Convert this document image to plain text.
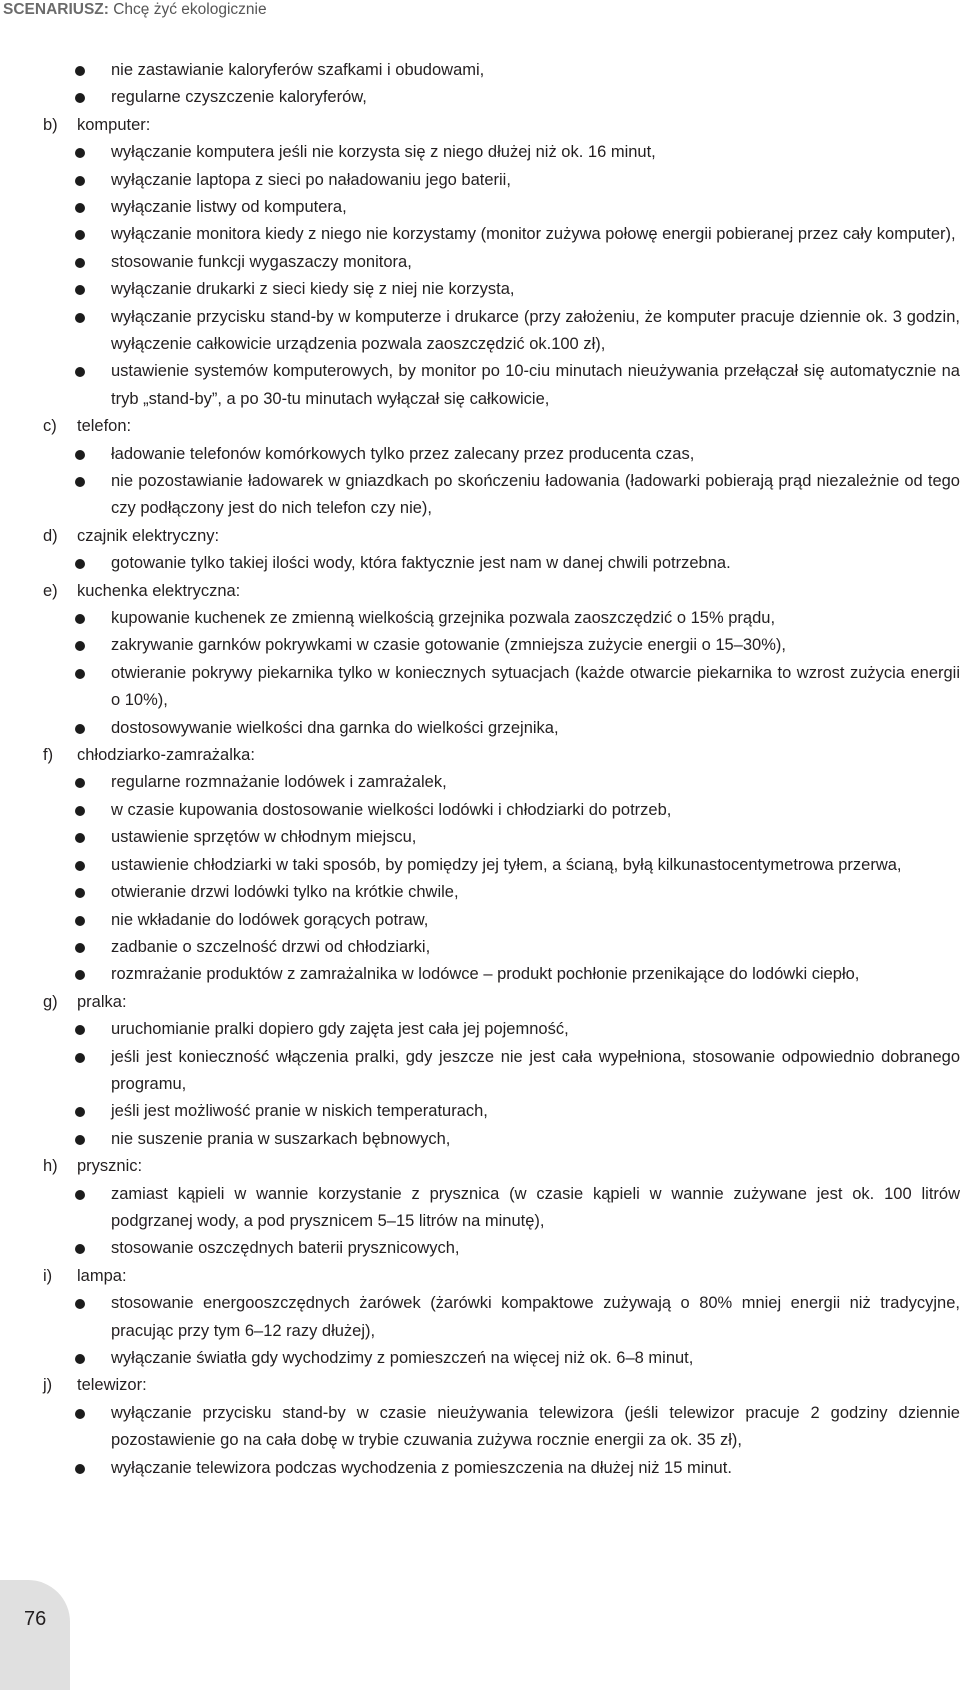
SCENARIUSZ: Chcę żyć ekologicznie
nie zastawianie kaloryferów szafkami i obudowami,
regularne czyszczenie kaloryferów,
b) komputer:
wyłączanie komputera jeśli nie korzysta się z niego dłużej niż ok. 16 minut,
wyłączanie laptopa z sieci po naładowaniu jego baterii,
wyłączanie listwy od komputera,
wyłączanie monitora kiedy z niego nie korzystamy (monitor zużywa połowę energii pobieranej przez cały komputer),
stosowanie funkcji wygaszaczy monitora,
wyłączanie drukarki z sieci kiedy się z niej nie korzysta,
wyłączanie przycisku stand-by w komputerze i drukarce (przy założeniu, że komputer pracuje dziennie ok. 3 godzin, wyłączenie całkowicie urządzenia pozwala zaoszczędzić ok.100 zł),
ustawienie systemów komputerowych, by monitor po 10-ciu minutach nieużywania przełączał się automatycznie na tryb „stand-by”, a po 30-tu minutach wyłączał się całkowicie,
c) telefon:
ładowanie telefonów komórkowych tylko przez zalecany przez producenta czas,
nie pozostawianie ładowarek w gniazdkach po skończeniu ładowania (ładowarki pobierają prąd niezależnie od tego czy podłączony jest do nich telefon czy nie),
d) czajnik elektryczny:
gotowanie tylko takiej ilości wody, która faktycznie jest nam w danej chwili potrzebna.
e) kuchenka elektryczna:
kupowanie kuchenek ze zmienną wielkością grzejnika pozwala zaoszczędzić o 15% prądu,
zakrywanie garnków pokrywkami w czasie gotowanie (zmniejsza zużycie energii o 15–30%),
otwieranie pokrywy piekarnika tylko w koniecznych sytuacjach (każde otwarcie piekarnika to wzrost zużycia energii o 10%),
dostosowywanie wielkości dna garnka do wielkości grzejnika,
f) chłodziarko-zamrażalka:
regularne rozmnażanie lodówek i zamrażalek,
w czasie kupowania dostosowanie wielkości lodówki i chłodziarki do potrzeb,
ustawienie sprzętów w chłodnym miejscu,
ustawienie chłodziarki w taki sposób, by pomiędzy jej tyłem, a ścianą, byłą kilkunastocentymetrowa przerwa,
otwieranie drzwi lodówki tylko na krótkie chwile,
nie wkładanie do lodówek gorących potraw,
zadbanie o szczelność drzwi od chłodziarki,
rozmrażanie produktów z zamrażalnika w lodówce – produkt pochłonie przenikające do lodówki ciepło,
g) pralka:
uruchomianie pralki dopiero gdy zajęta jest cała jej pojemność,
jeśli jest konieczność włączenia pralki, gdy jeszcze nie jest cała wypełniona, stosowanie odpowiednio dobranego programu,
jeśli jest możliwość pranie w niskich temperaturach,
nie suszenie prania w suszarkach bębnowych,
h) prysznic:
zamiast kąpieli w wannie korzystanie z prysznica (w czasie kąpieli w wannie zużywane jest ok. 100 litrów podgrzanej wody, a pod prysznicem 5–15 litrów na minutę),
stosowanie oszczędnych baterii prysznicowych,
i) lampa:
stosowanie energooszczędnych żarówek (żarówki kompaktowe zużywają o 80% mniej energii niż tradycyjne, pracując przy tym 6–12 razy dłużej),
wyłączanie światła gdy wychodzimy z pomieszczeń na więcej niż ok. 6–8 minut,
j) telewizor:
wyłączanie przycisku stand-by w czasie nieużywania telewizora (jeśli telewizor pracuje 2 godziny dziennie pozostawienie go na cała dobę w trybie czuwania zużywa rocznie energii za ok. 35 zł),
wyłączanie telewizora podczas wychodzenia z pomieszczenia na dłużej niż 15 minut.
76
